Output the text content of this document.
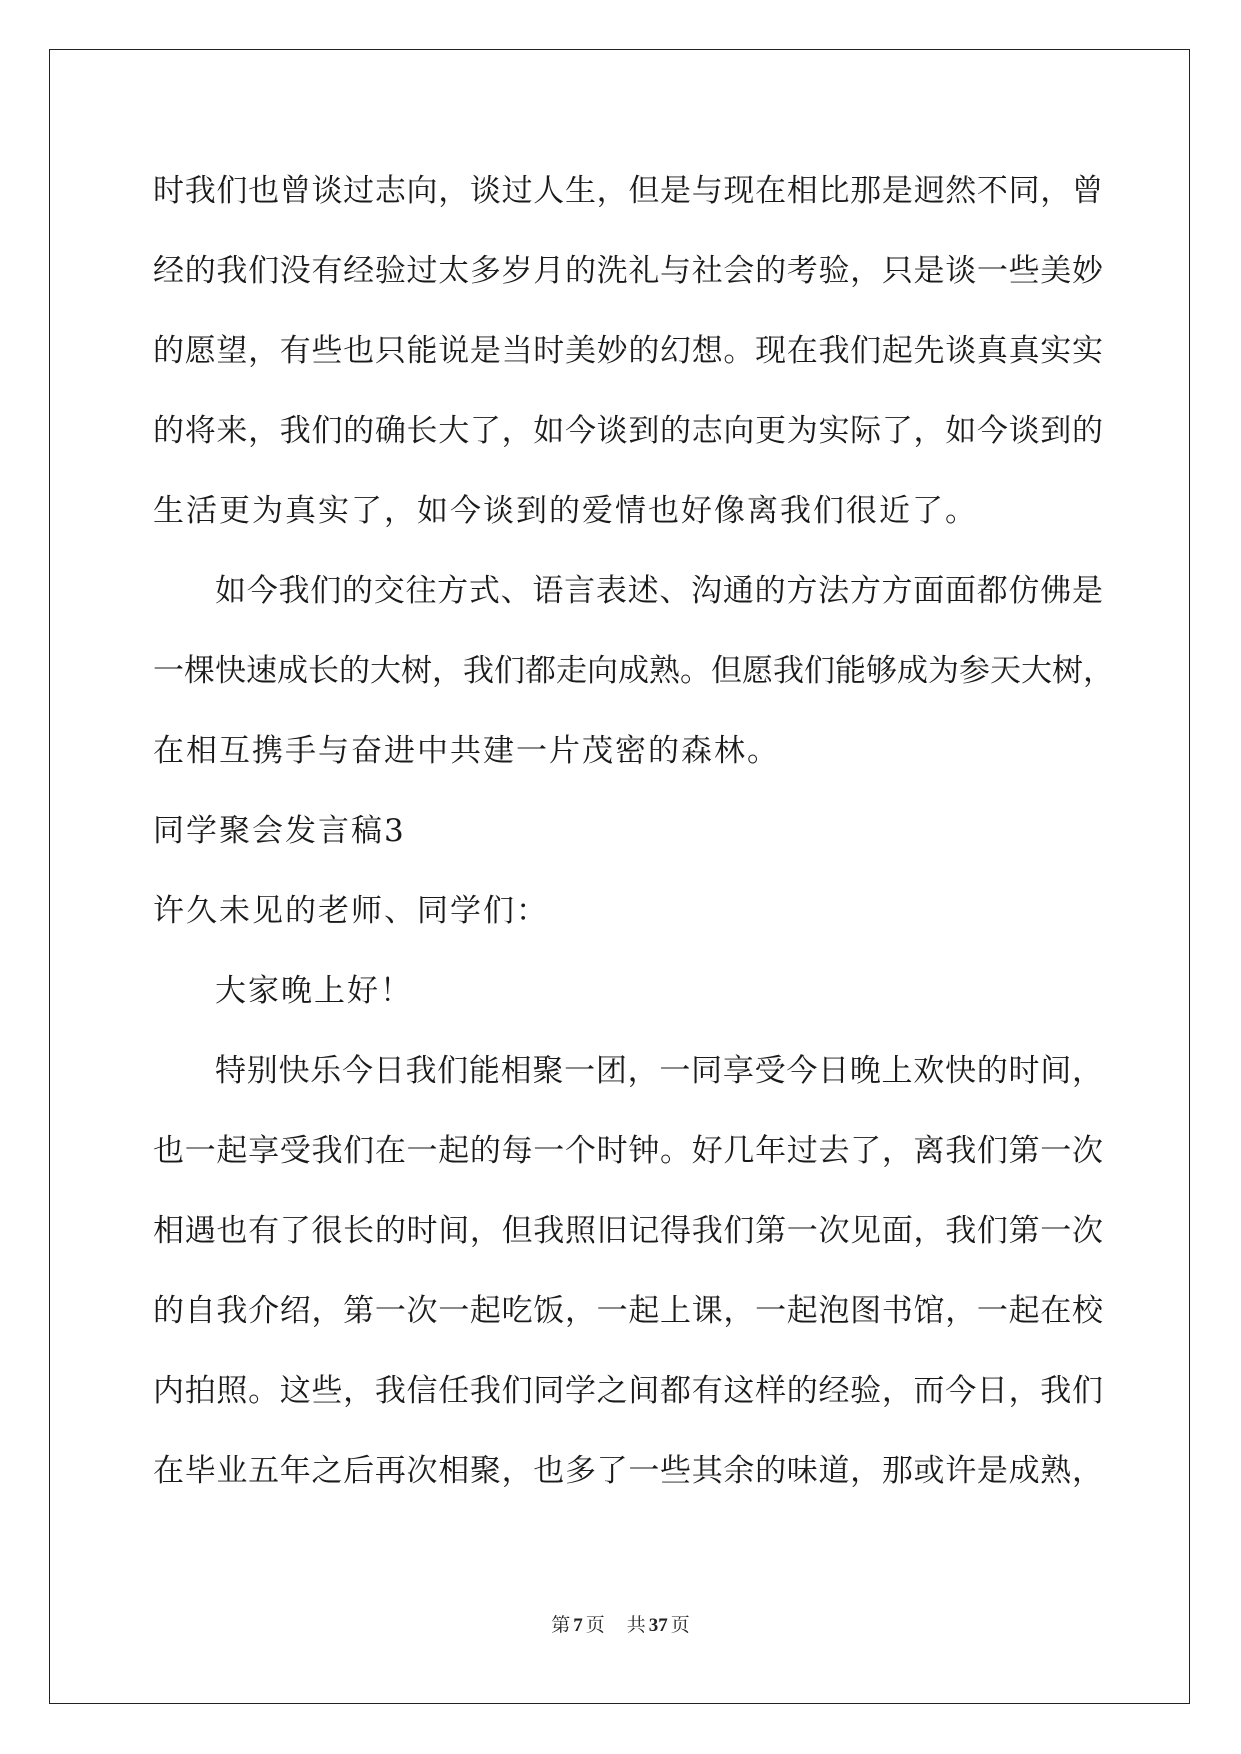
时我们也曾谈过志向，谈过人生，但是与现在相比那是迥然不同，曾
经的我们没有经验过太多岁月的洗礼与社会的考验，只是谈一些美妙
的愿望，有些也只能说是当时美妙的幻想。现在我们起先谈真真实实
的将来，我们的确长大了，如今谈到的志向更为实际了，如今谈到的
生活更为真实了，如今谈到的爱情也好像离我们很近了。
如今我们的交往方式、语言表述、沟通的方法方方面面都仿佛是
一棵快速成长的大树，我们都走向成熟。但愿我们能够成为参天大树，
在相互携手与奋进中共建一片茂密的森林。
同学聚会发言稿3
许久未见的老师、同学们：
大家晚上好！
特别快乐今日我们能相聚一团，一同享受今日晚上欢快的时间，
也一起享受我们在一起的每一个时钟。好几年过去了，离我们第一次
相遇也有了很长的时间，但我照旧记得我们第一次见面，我们第一次
的自我介绍，第一次一起吃饭，一起上课，一起泡图书馆，一起在校
内拍照。这些，我信任我们同学之间都有这样的经验，而今日，我们
在毕业五年之后再次相聚，也多了一些其余的味道，那或许是成熟，
第 7 页 共 37 页
